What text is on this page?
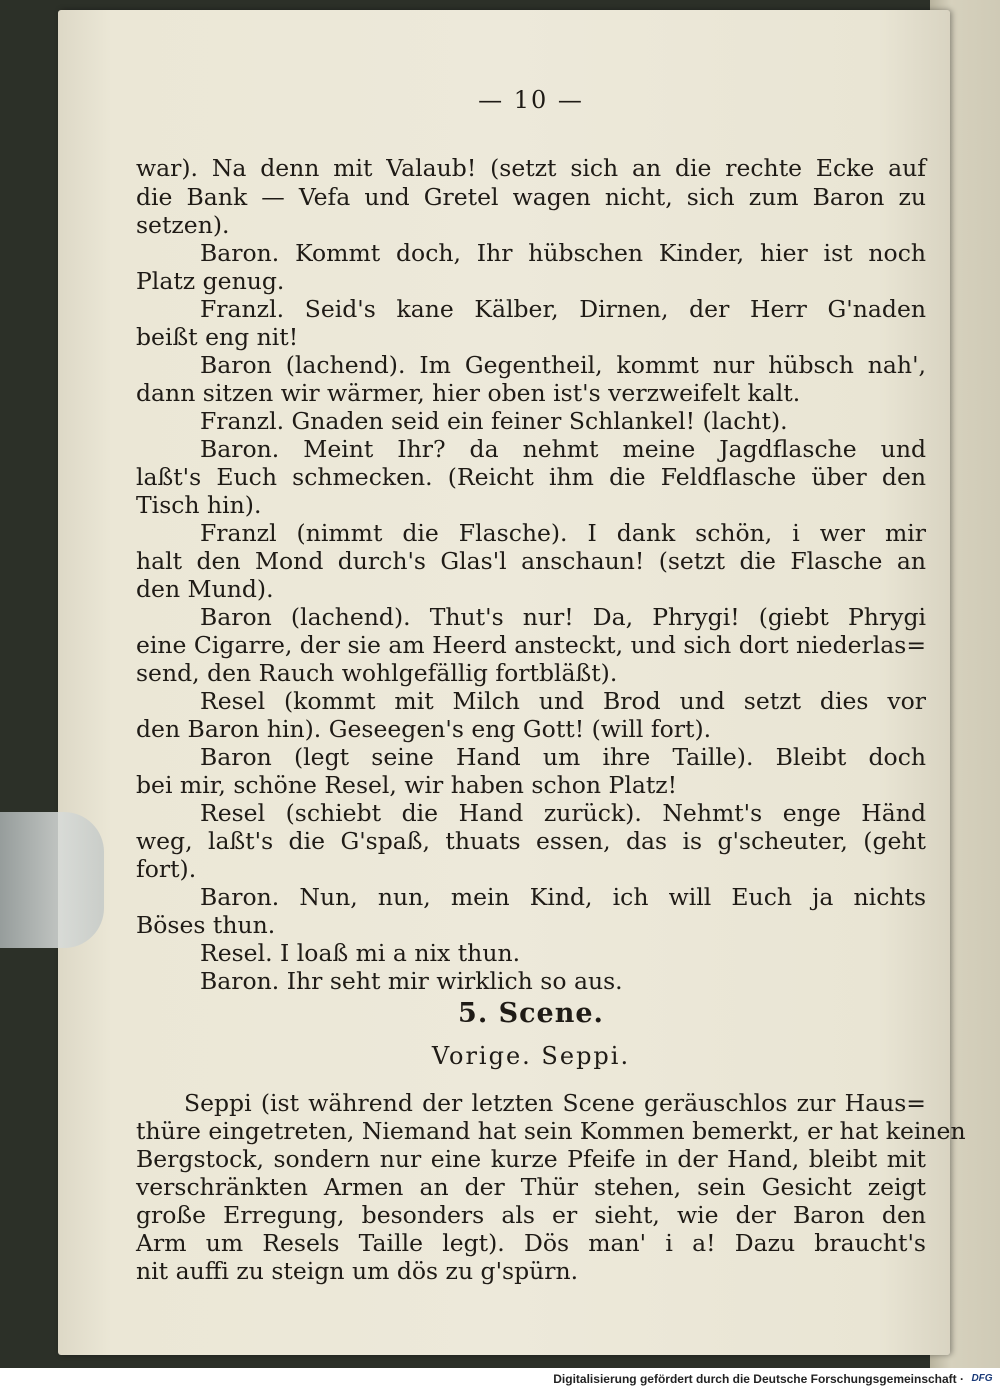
— 10 —
war). Na denn mit Valaub! (setzt sich an die rechte Ecke auf
die Bank — Vefa und Gretel wagen nicht, sich zum Baron zu
setzen).
Baron. Kommt doch, Ihr hübschen Kinder, hier ist noch
Platz genug.
Franzl. Seid's kane Kälber, Dirnen, der Herr G'naden
beißt eng nit!
Baron (lachend). Im Gegentheil, kommt nur hübsch nah',
dann sitzen wir wärmer, hier oben ist's verzweifelt kalt.
Franzl. Gnaden seid ein feiner Schlankel! (lacht).
Baron. Meint Ihr? da nehmt meine Jagdflasche und
laßt's Euch schmecken. (Reicht ihm die Feldflasche über den
Tisch hin).
Franzl (nimmt die Flasche). I dank schön, i wer mir
halt den Mond durch's Glas'l anschaun! (setzt die Flasche an
den Mund).
Baron (lachend). Thut's nur! Da, Phrygi! (giebt Phrygi
eine Cigarre, der sie am Heerd ansteckt, und sich dort niederlas=
send, den Rauch wohlgefällig fortbläßt).
Resel (kommt mit Milch und Brod und setzt dies vor
den Baron hin). Geseegen's eng Gott! (will fort).
Baron (legt seine Hand um ihre Taille). Bleibt doch
bei mir, schöne Resel, wir haben schon Platz!
Resel (schiebt die Hand zurück). Nehmt's enge Händ
weg, laßt's die G'spaß, thuats essen, das is g'scheuter, (geht
fort).
Baron. Nun, nun, mein Kind, ich will Euch ja nichts
Böses thun.
Resel. I loaß mi a nix thun.
Baron. Ihr seht mir wirklich so aus.
5. Scene.
Vorige. Seppi.
Seppi (ist während der letzten Scene geräuschlos zur Haus=
thüre eingetreten, Niemand hat sein Kommen bemerkt, er hat keinen
Bergstock, sondern nur eine kurze Pfeife in der Hand, bleibt mit
verschränkten Armen an der Thür stehen, sein Gesicht zeigt
große Erregung, besonders als er sieht, wie der Baron den
Arm um Resels Taille legt). Dös man' i a! Dazu braucht's
nit auffi zu steign um dös zu g'spürn.
Digitalisierung gefördert durch die Deutsche Forschungsgemeinschaft · DFG
